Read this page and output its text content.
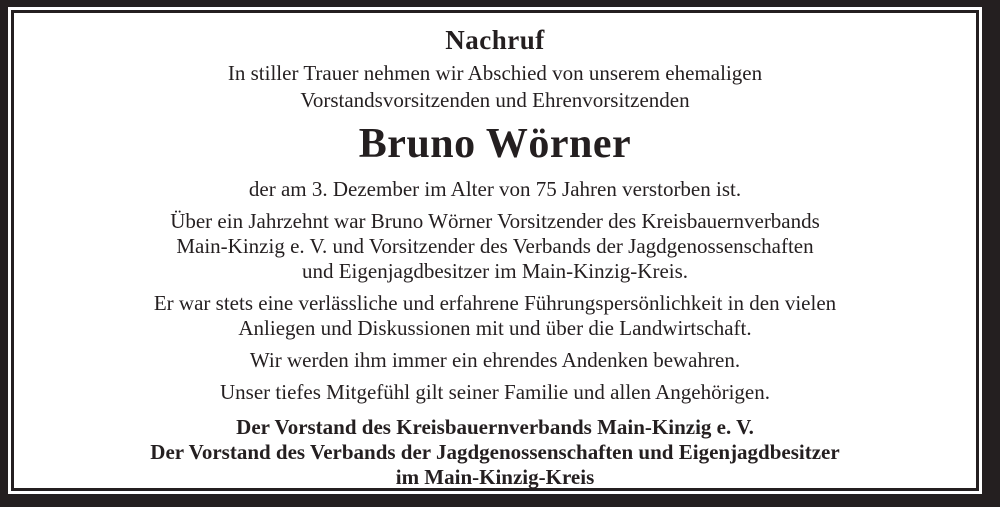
Nachruf
In stiller Trauer nehmen wir Abschied von unserem ehemaligen
Vorstandsvorsitzenden und Ehrenvorsitzenden
Bruno Wörner
der am 3. Dezember im Alter von 75 Jahren verstorben ist.
Über ein Jahrzehnt war Bruno Wörner Vorsitzender des Kreisbauernverbands
Main-Kinzig e. V. und Vorsitzender des Verbands der Jagdgenossenschaften
und Eigenjagdbesitzer im Main-Kinzig-Kreis.
Er war stets eine verlässliche und erfahrene Führungspersönlichkeit in den vielen
Anliegen und Diskussionen mit und über die Landwirtschaft.
Wir werden ihm immer ein ehrendes Andenken bewahren.
Unser tiefes Mitgefühl gilt seiner Familie und allen Angehörigen.
Der Vorstand des Kreisbauernverbands Main-Kinzig e. V.
Der Vorstand des Verbands der Jagdgenossenschaften und Eigenjagdbesitzer
im Main-Kinzig-Kreis
